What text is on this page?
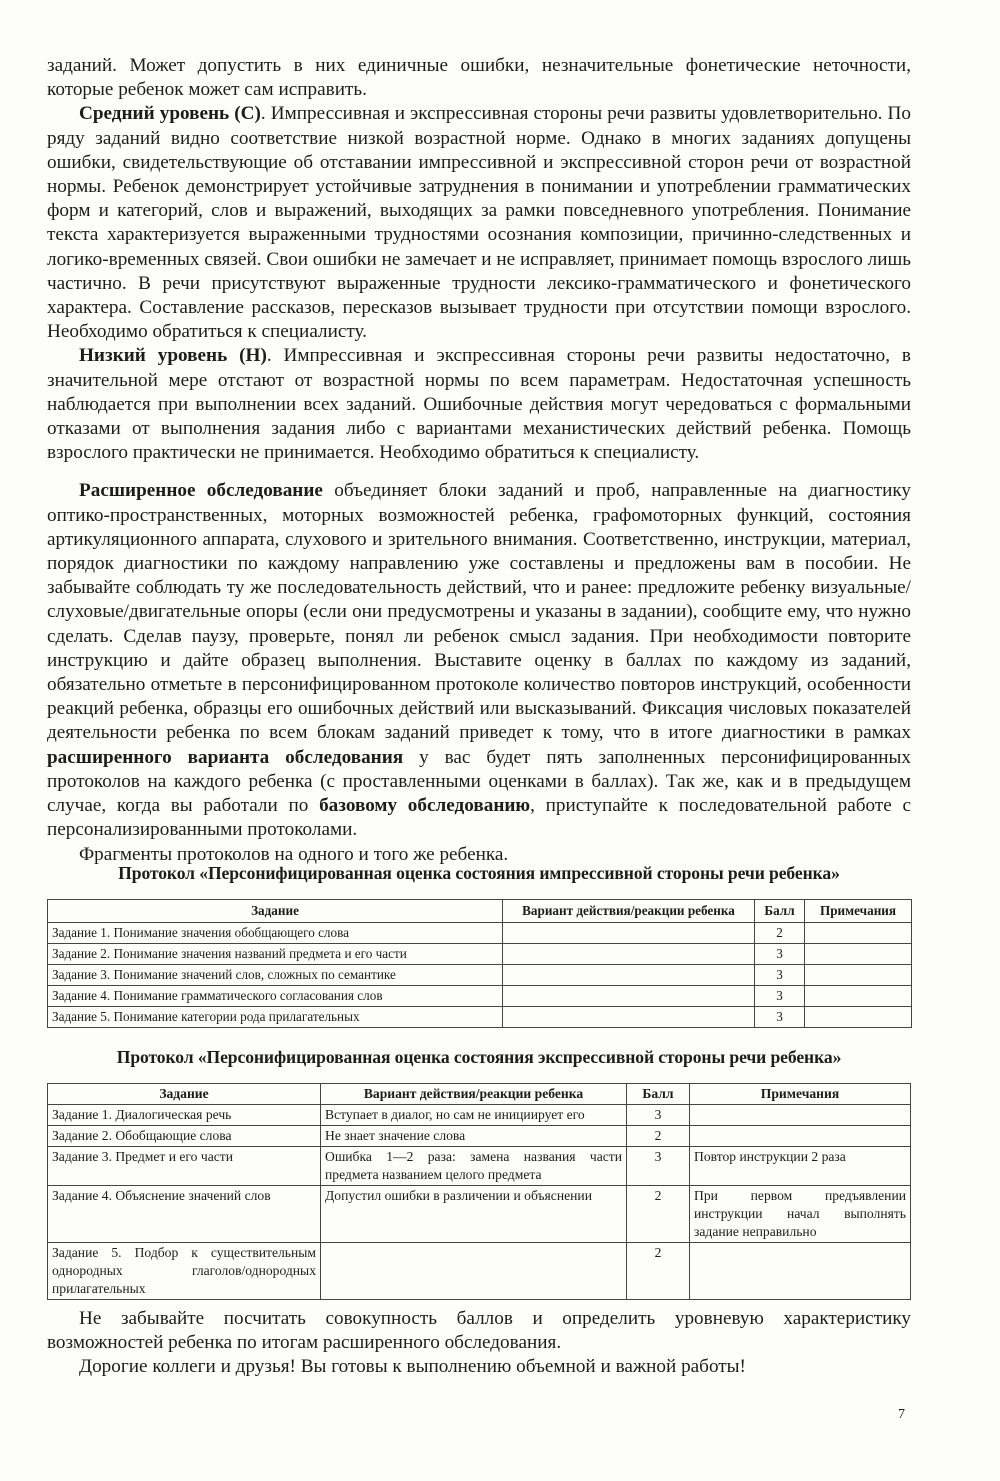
заданий. Может допустить в них единичные ошибки, незначительные фонетические неточности, которые ребенок может сам исправить.

Средний уровень (С). Импрессивная и экспрессивная стороны речи развиты удовлетворительно. По ряду заданий видно соответствие низкой возрастной норме. Однако в многих заданиях допущены ошибки, свидетельствующие об отставании импрессивной и экспрессивной сторон речи от возрастной нормы. Ребенок демонстрирует устойчивые затруднения в понимании и употреблении грамматических форм и категорий, слов и выражений, выходящих за рамки повседневного употребления. Понимание текста характеризуется выраженными трудностями осознания композиции, причинно-следственных и логико-временных связей. Свои ошибки не замечает и не исправляет, принимает помощь взрослого лишь частично. В речи присутствуют выраженные трудности лексико-грамматического и фонетического характера. Составление рассказов, пересказов вызывает трудности при отсутствии помощи взрослого. Необходимо обратиться к специалисту.

Низкий уровень (Н). Импрессивная и экспрессивная стороны речи развиты недостаточно, в значительной мере отстают от возрастной нормы по всем параметрам. Недостаточная успешность наблюдается при выполнении всех заданий. Ошибочные действия могут чередоваться с формальными отказами от выполнения задания либо с вариантами механистических действий ребенка. Помощь взрослого практически не принимается. Необходимо обратиться к специалисту.

Расширенное обследование объединяет блоки заданий и проб, направленные на диагностику оптико-пространственных, моторных возможностей ребенка, графомоторных функций, состояния артикуляционного аппарата, слухового и зрительного внимания. Соответственно, инструкции, материал, порядок диагностики по каждому направлению уже составлены и предложены вам в пособии. Не забывайте соблюдать ту же последовательность действий, что и ранее: предложите ребенку визуальные/слуховые/двигательные опоры (если они предусмотрены и указаны в задании), сообщите ему, что нужно сделать. Сделав паузу, проверьте, понял ли ребенок смысл задания. При необходимости повторите инструкцию и дайте образец выполнения. Выставите оценку в баллах по каждому из заданий, обязательно отметьте в персонифицированном протоколе количество повторов инструкций, особенности реакций ребенка, образцы его ошибочных действий или высказываний. Фиксация числовых показателей деятельности ребенка по всем блокам заданий приведет к тому, что в итоге диагностики в рамках расширенного варианта обследования у вас будет пять заполненных персонифицированных протоколов на каждого ребенка (с проставленными оценками в баллах). Так же, как и в предыдущем случае, когда вы работали по базовому обследованию, приступайте к последовательной работе с персонализированными протоколами.

Фрагменты протоколов на одного и того же ребенка.

Протокол «Персонифицированная оценка состояния импрессивной стороны речи ребенка»
Задание	Вариант действия/реакции ребенка	Балл	Примечания
Задание 1. Понимание значения обобщающего слова		2	
Задание 2. Понимание значения названий предмета и его части		3	
Задание 3. Понимание значений слов, сложных по семантике		3	
Задание 4. Понимание грамматического согласования слов		3	
Задание 5. Понимание категории рода прилагательных		3	
Протокол «Персонифицированная оценка состояния экспрессивной стороны речи ребенка»
Задание	Вариант действия/реакции ребенка	Балл	Примечания
Задание 1. Диалогическая речь	Вступает в диалог, но сам не инициирует его	3	
Задание 2. Обобщающие слова	Не знает значение слова	2	
Задание 3. Предмет и его части	Ошибка 1—2 раза: замена названия части предмета названием целого предмета	3	Повтор инструкции 2 раза
Задание 4. Объяснение значений слов	Допустил ошибки в различении и объяснении	2	При первом предъявлении инструкции начал выполнять задание неправильно
Задание 5. Подбор к существительным однородных глаголов/однородных прилагательных		2	

Не забывайте посчитать совокупность баллов и определить уровневую характеристику возможностей ребенка по итогам расширенного обследования.

Дорогие коллеги и друзья! Вы готовы к выполнению объемной и важной работы!

7
